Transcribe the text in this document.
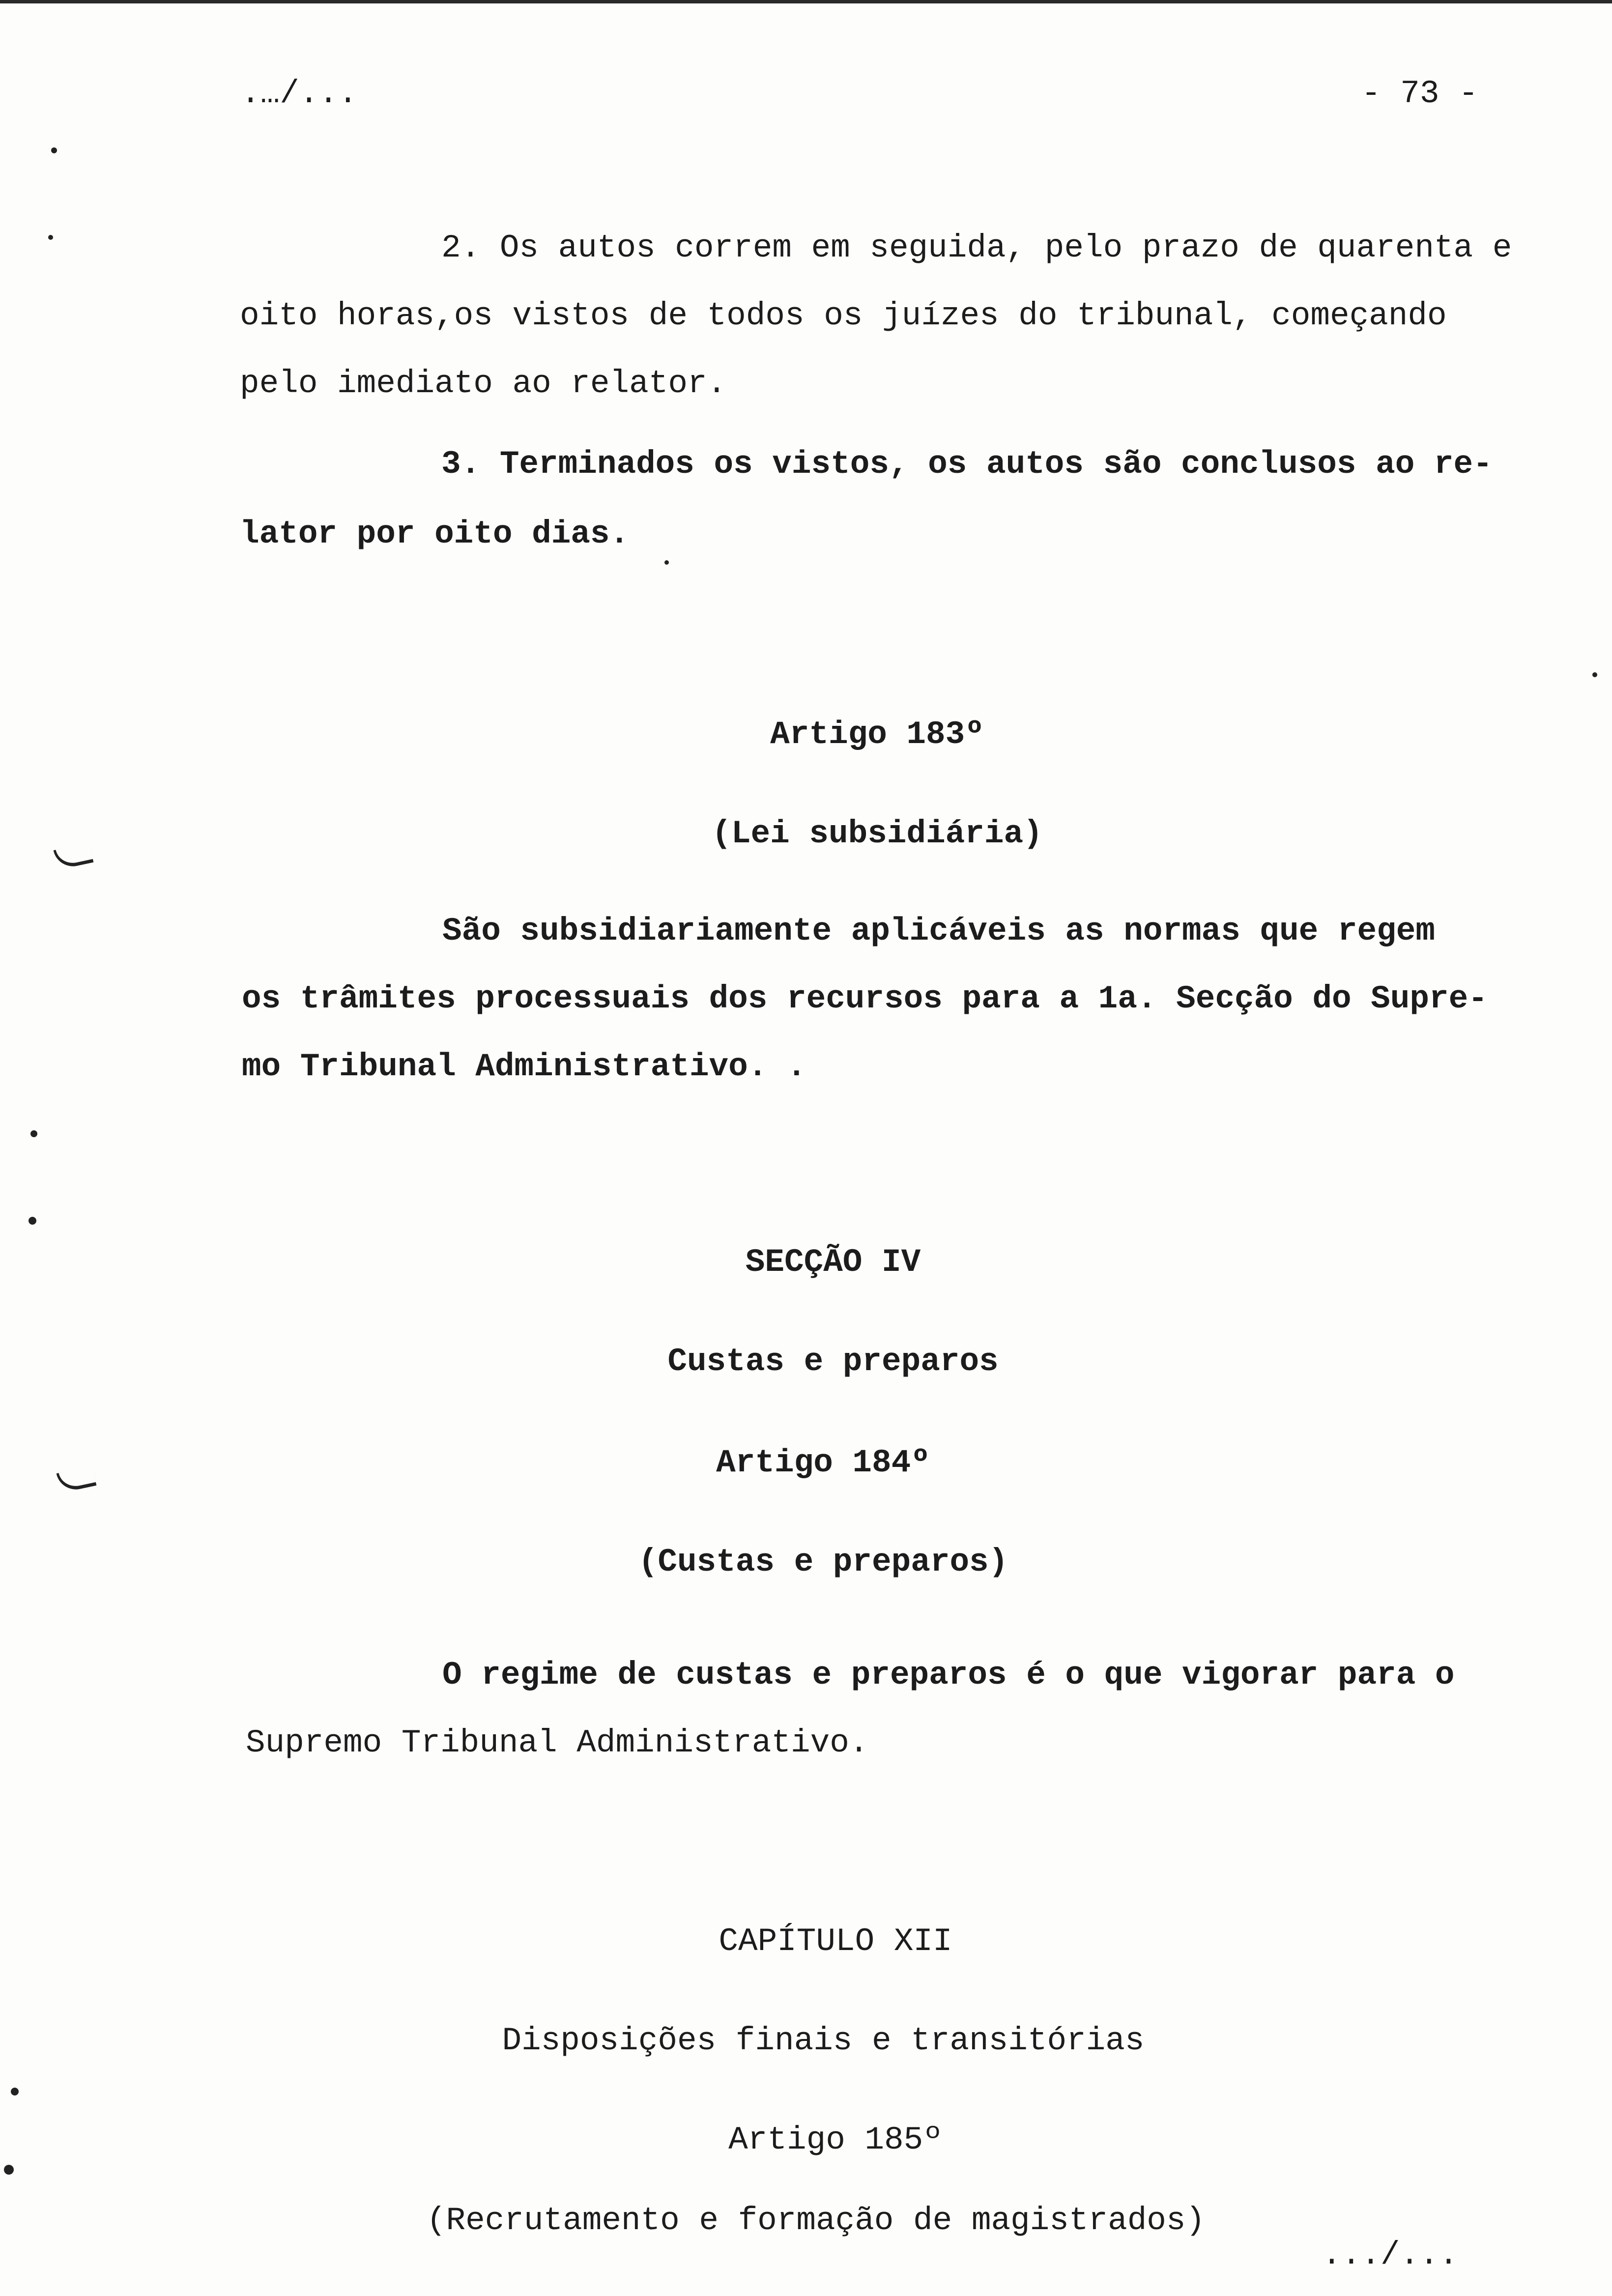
.…/...	- 73 -
2. Os autos correm em seguida, pelo prazo de quarenta e
oito horas,os vistos de todos os juízes do tribunal, começando
pelo imediato ao relator.
3. Terminados os vistos, os autos são conclusos ao re-
lator por oito dias.
Artigo 183º
(Lei subsidiária)
São subsidiariamente aplicáveis as normas que regem
os trâmites processuais dos recursos para a 1a. Secção do Supre-
mo Tribunal Administrativo. .
SECÇÃO IV
Custas e preparos
Artigo 184º
(Custas e preparos)
O regime de custas e preparos é o que vigorar para o
Supremo Tribunal Administrativo.
CAPÍTULO XII
Disposições finais e transitórias
Artigo 185º
(Recrutamento e formação de magistrados)
.../...
